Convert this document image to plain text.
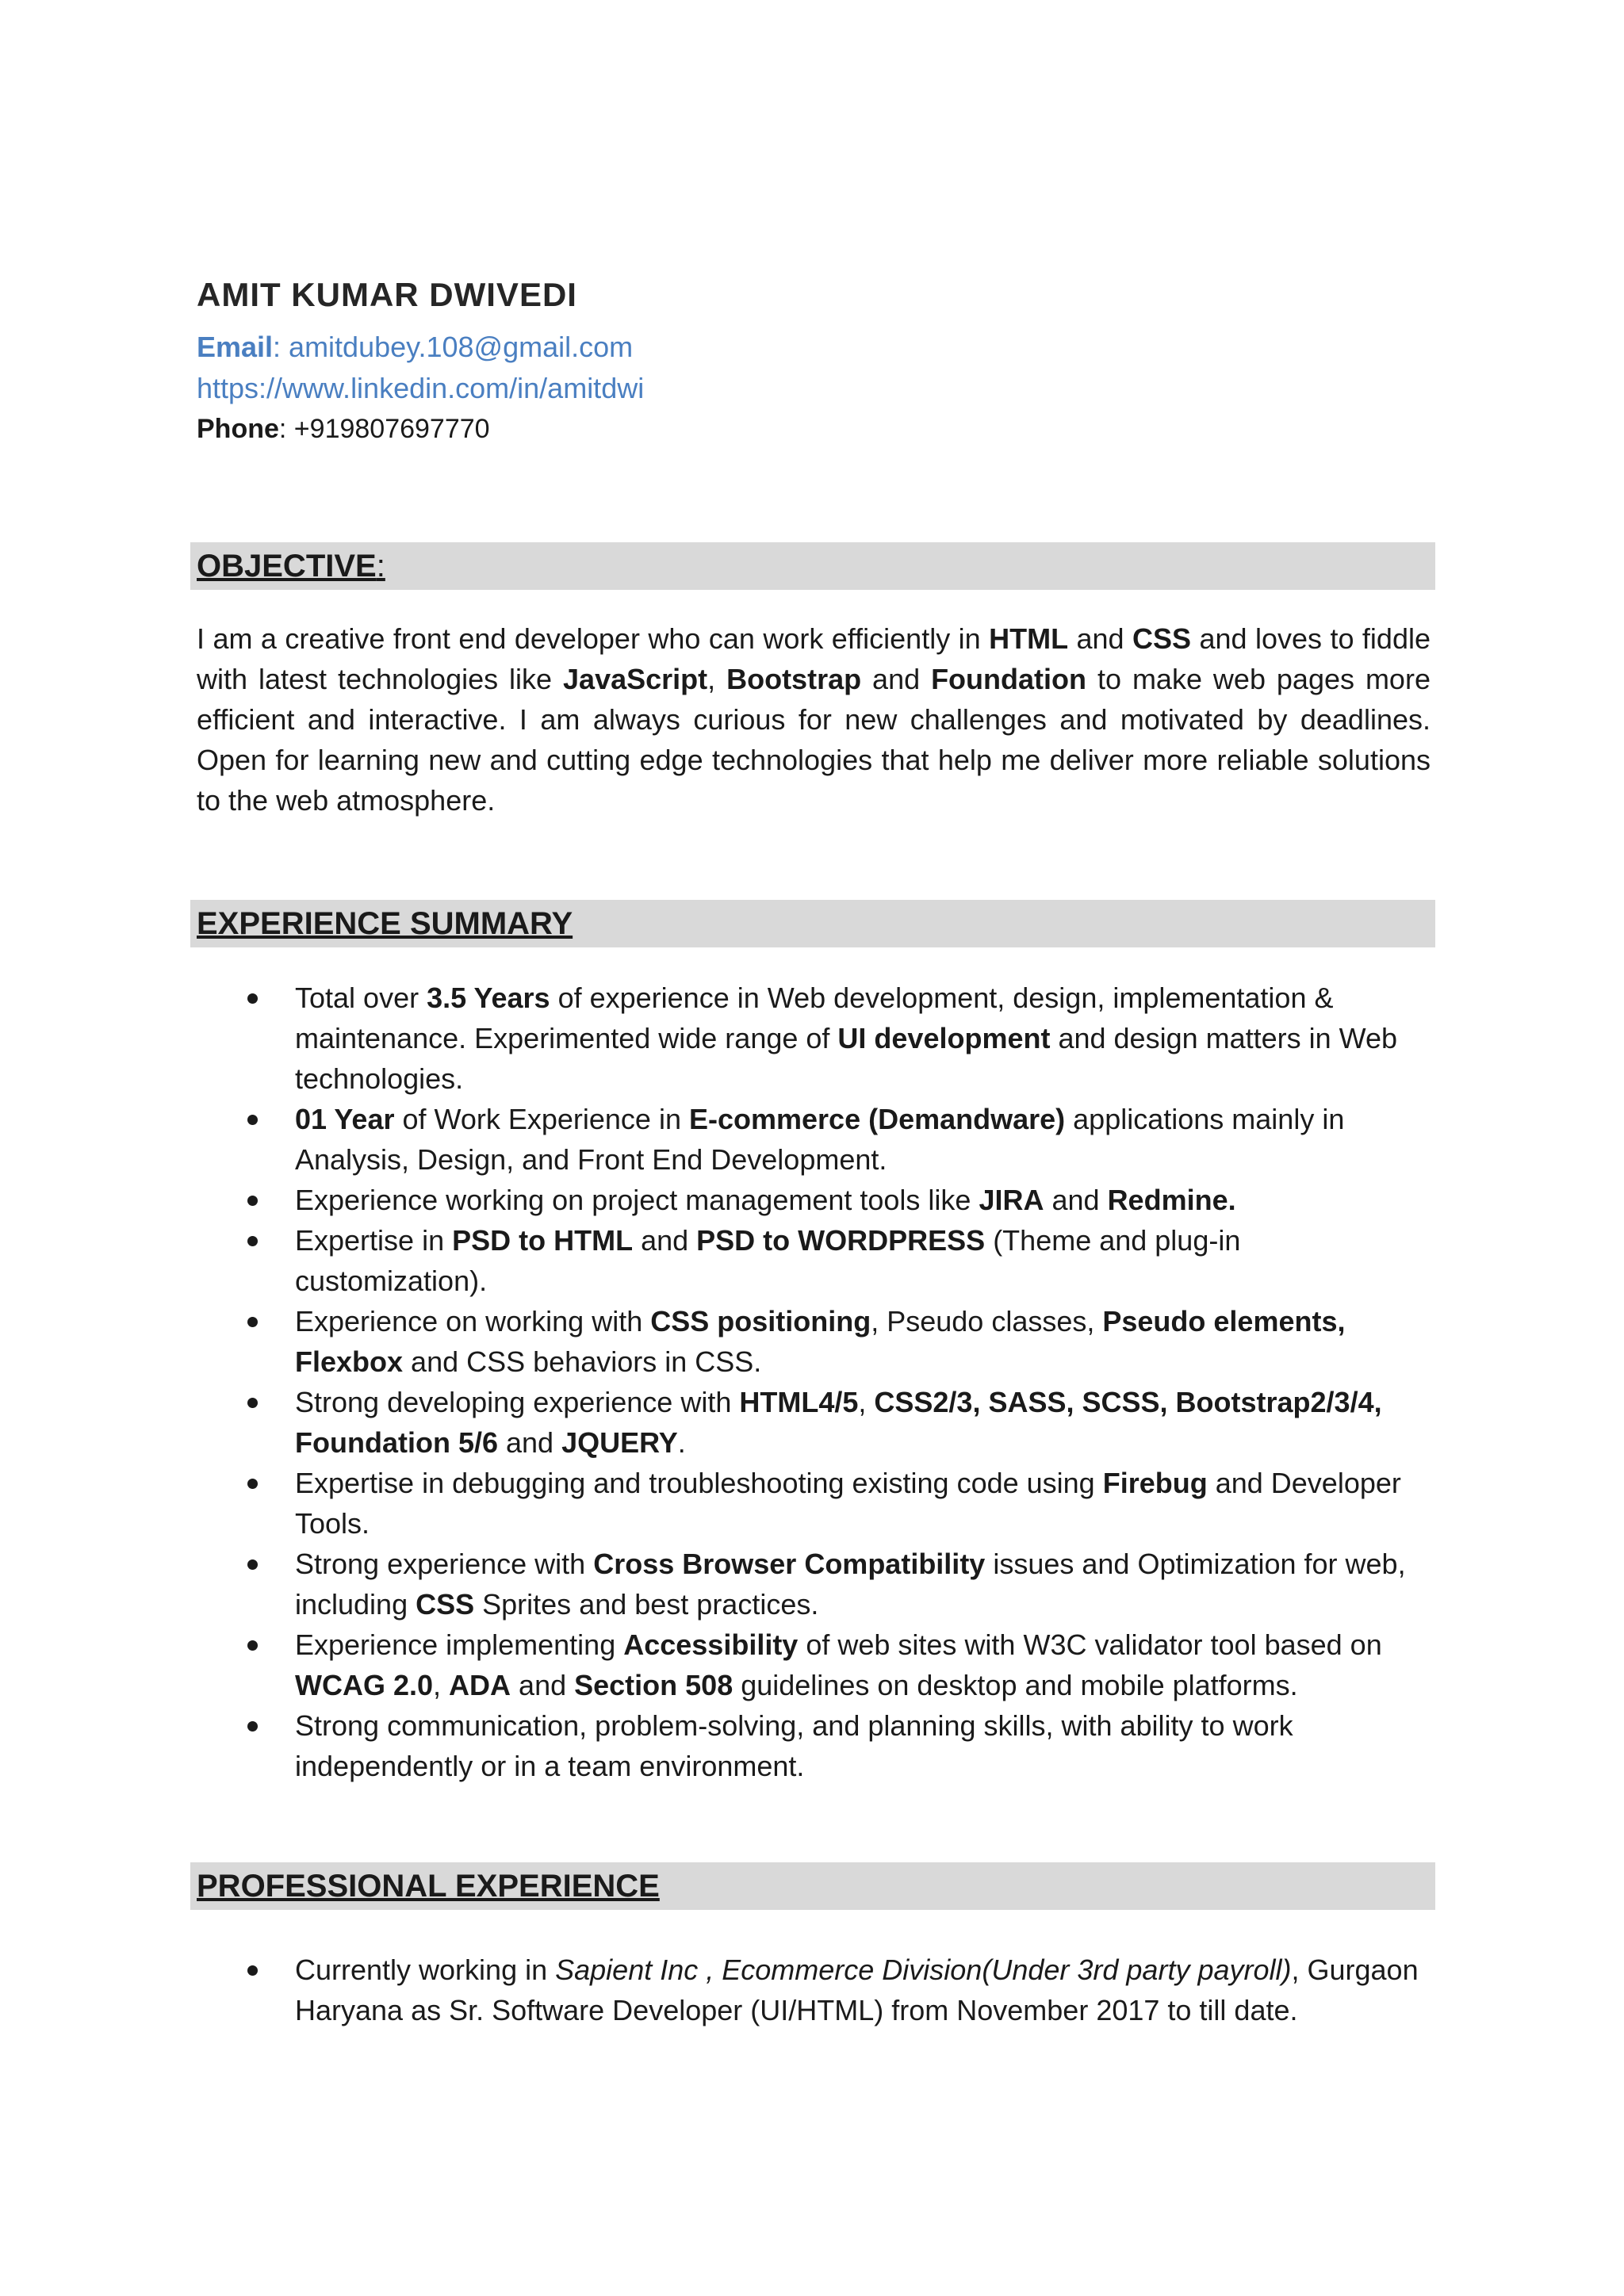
AMIT KUMAR DWIVEDI
Email: amitdubey.108@gmail.com
https://www.linkedin.com/in/amitdwi
Phone: +919807697770
OBJECTIVE:
I am a creative front end developer who can work efficiently in HTML and CSS and loves to fiddle with latest technologies like JavaScript, Bootstrap and Foundation to make web pages more efficient and interactive. I am always curious for new challenges and motivated by deadlines. Open for learning new and cutting edge technologies that help me deliver more reliable solutions to the web atmosphere.
EXPERIENCE SUMMARY
Total over 3.5 Years of experience in Web development, design, implementation & maintenance. Experimented wide range of UI development and design matters in Web technologies.
01 Year of Work Experience in E-commerce (Demandware) applications mainly in Analysis, Design, and Front End Development.
Experience working on project management tools like JIRA and Redmine.
Expertise in PSD to HTML and PSD to WORDPRESS (Theme and plug-in customization).
Experience on working with CSS positioning, Pseudo classes, Pseudo elements, Flexbox and CSS behaviors in CSS.
Strong developing experience with HTML4/5, CSS2/3, SASS, SCSS, Bootstrap2/3/4, Foundation 5/6 and JQUERY.
Expertise in debugging and troubleshooting existing code using Firebug and Developer Tools.
Strong experience with Cross Browser Compatibility issues and Optimization for web, including CSS Sprites and best practices.
Experience implementing Accessibility of web sites with W3C validator tool based on WCAG 2.0, ADA and Section 508 guidelines on desktop and mobile platforms.
Strong communication, problem-solving, and planning skills, with ability to work independently or in a team environment.
PROFESSIONAL EXPERIENCE
Currently working in Sapient Inc , Ecommerce Division(Under 3rd party payroll), Gurgaon Haryana as Sr. Software Developer (UI/HTML) from November 2017 to till date.
